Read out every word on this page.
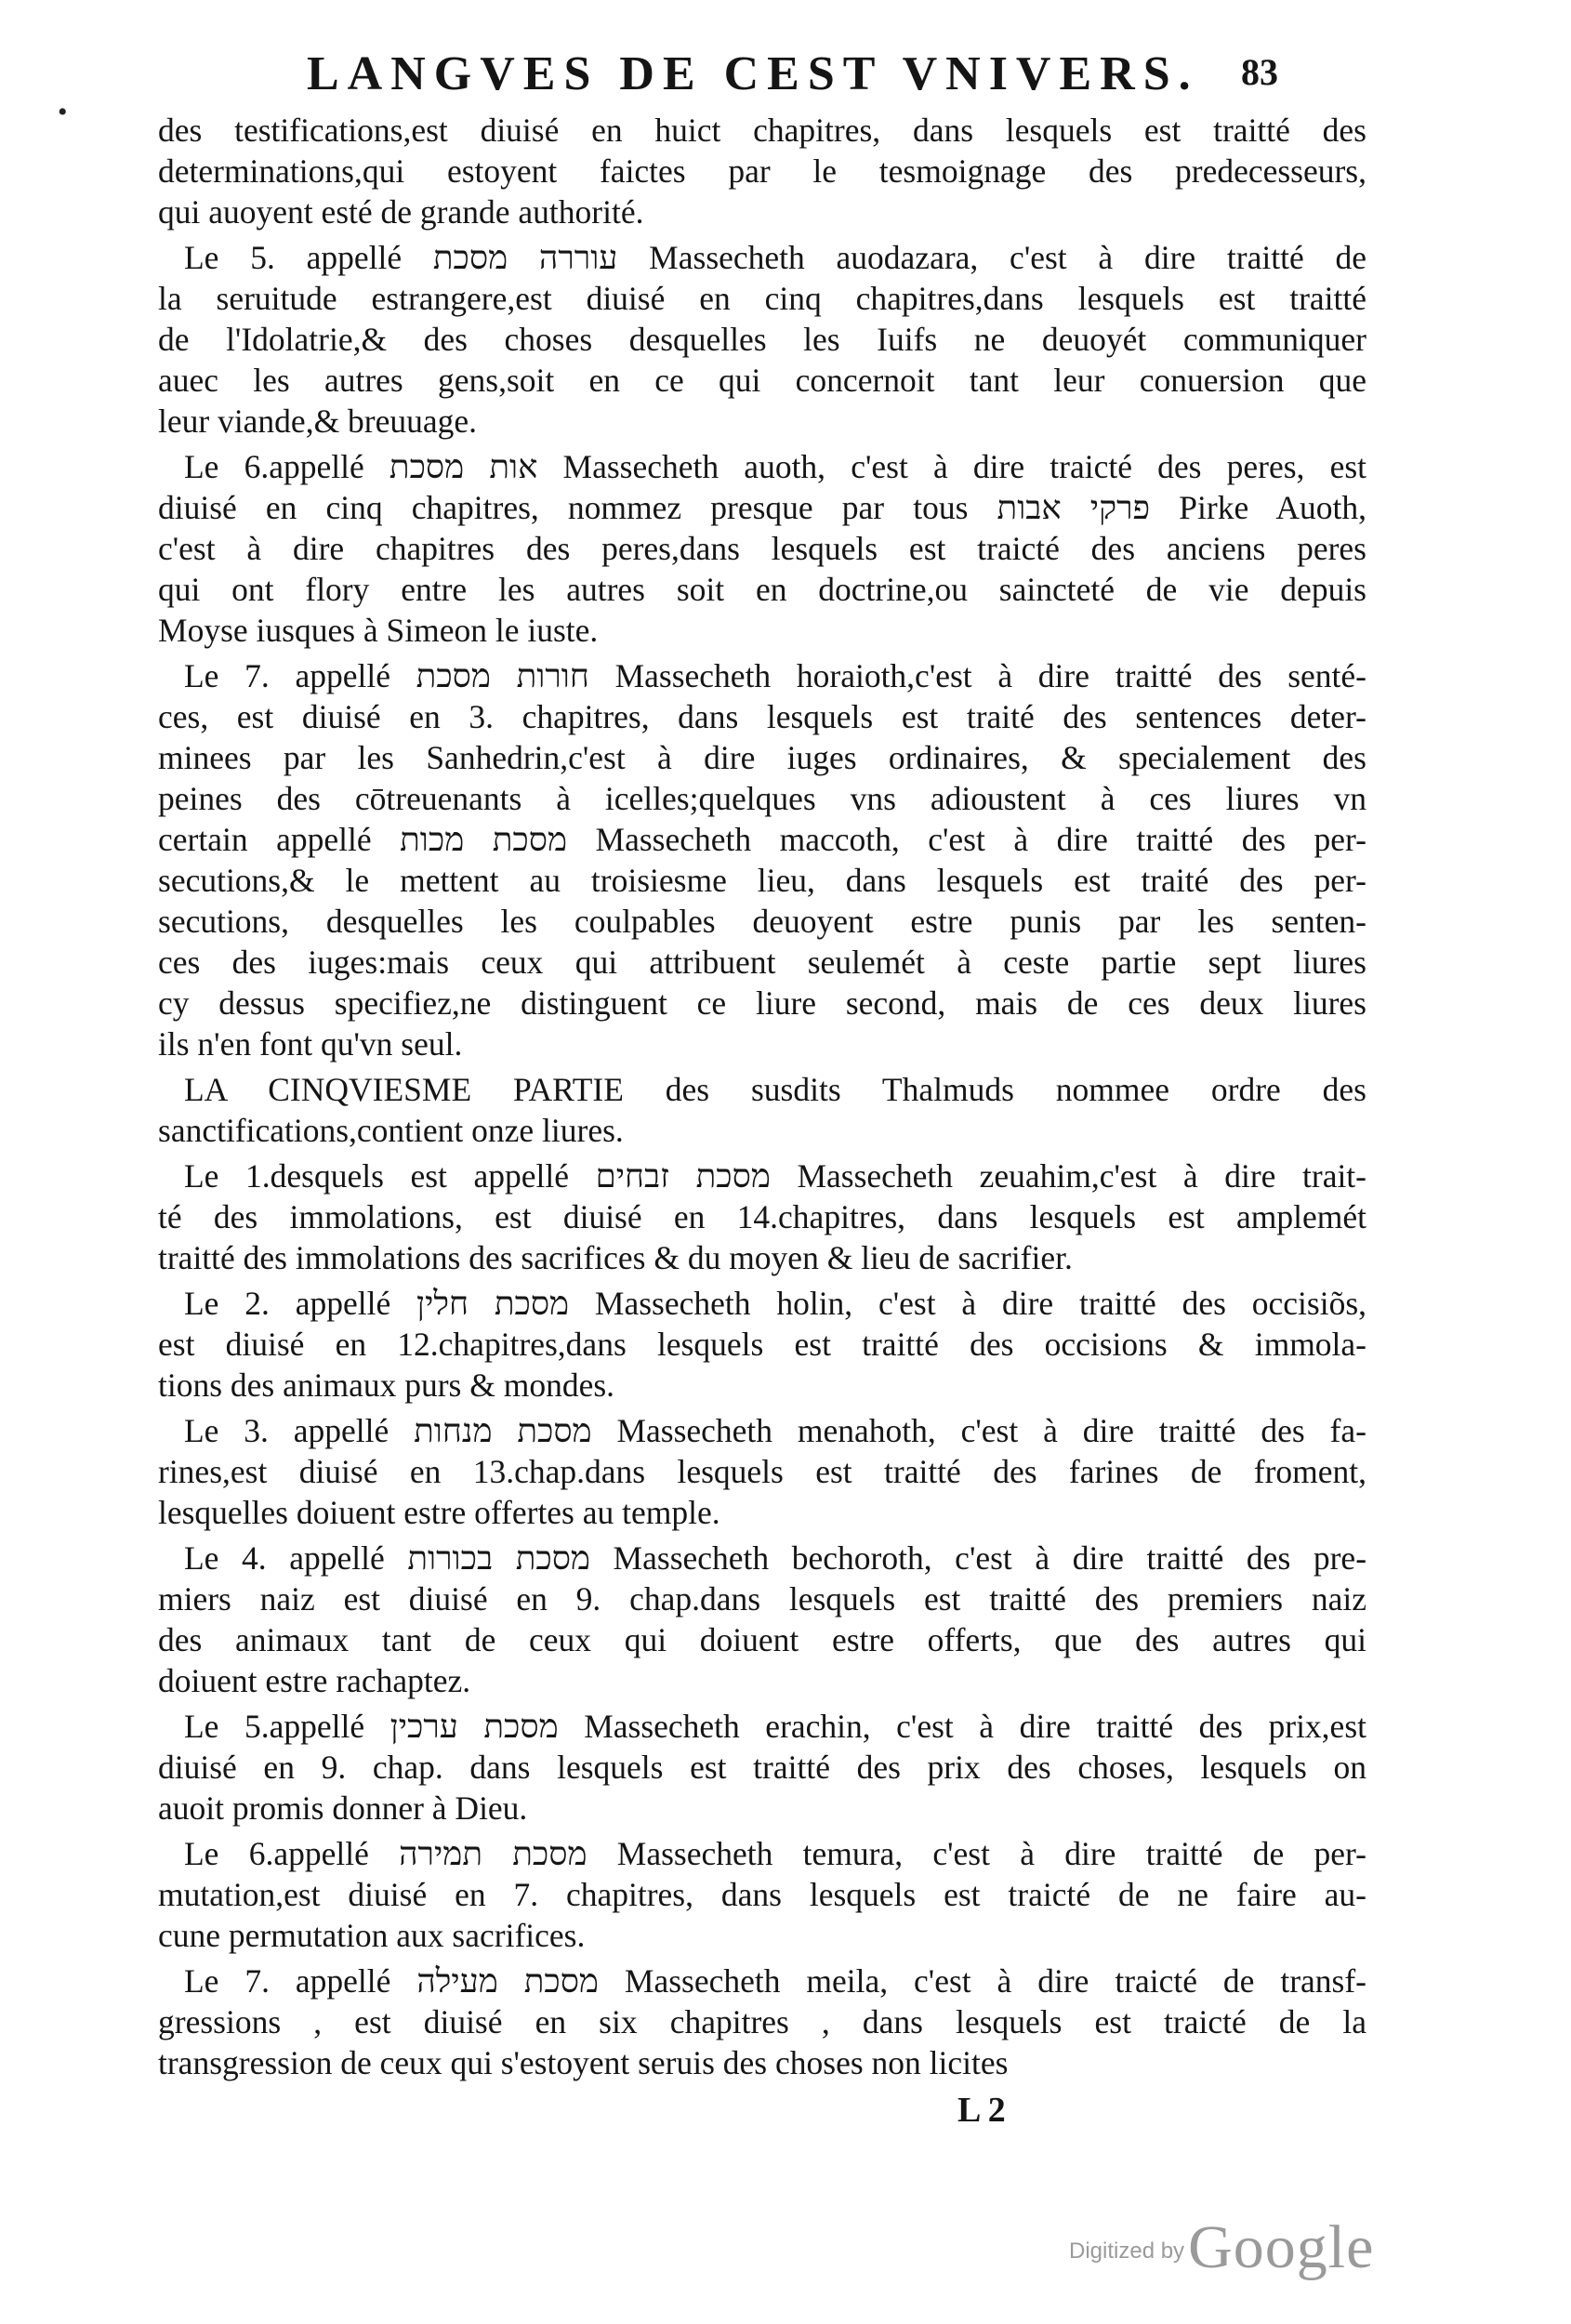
LANGVES DE CEST VNIVERS. 83
des testifications,est diuisé en huict chapitres, dans lesquels est traitté des
determinations,qui estoyent faictes par le tesmoignage des predecesseurs,
qui auoyent esté de grande authorité.
Le 5. appellé עוררה מסכת Massecheth auodazara, c'est à dire traitté de
la seruitude estrangere,est diuisé en cinq chapitres,dans lesquels est traitté
de l'Idolatrie,& des choses desquelles les Iuifs ne deuoyét communiquer
auec les autres gens,soit en ce qui concernoit tant leur conuersion que
leur viande,& breuuage.
Le 6.appellé אות מסכת Massecheth auoth, c'est à dire traicté des peres, est
diuisé en cinq chapitres, nommez presque par tous פרקי אבות Pirke Auoth,
c'est à dire chapitres des peres,dans lesquels est traicté des anciens peres
qui ont flory entre les autres soit en doctrine,ou saincteté de vie depuis
Moyse iusques à Simeon le iuste.
Le 7. appellé חורות מסכת Massecheth horaioth,c'est à dire traitté des senté-
ces, est diuisé en 3. chapitres, dans lesquels est traité des sentences deter-
minees par les Sanhedrin,c'est à dire iuges ordinaires, & specialement des
peines des cōtreuenants à icelles;quelques vns adioustent à ces liures vn
certain appellé מסכת מכות Massecheth maccoth, c'est à dire traitté des per-
secutions,& le mettent au troisiesme lieu, dans lesquels est traité des per-
secutions, desquelles les coulpables deuoyent estre punis par les senten-
ces des iuges:mais ceux qui attribuent seulemét à ceste partie sept liures
cy dessus specifiez,ne distinguent ce liure second, mais de ces deux liures
ils n'en font qu'vn seul.
LA CINQVIESME PARTIE des susdits Thalmuds nommee ordre des
sanctifications,contient onze liures.
Le 1.desquels est appellé מסכת זבחים Massecheth zeuahim,c'est à dire trait-
té des immolations, est diuisé en 14.chapitres, dans lesquels est amplemét
traitté des immolations des sacrifices & du moyen & lieu de sacrifier.
Le 2. appellé מסכת חלין Massecheth holin, c'est à dire traitté des occisiõs,
est diuisé en 12.chapitres,dans lesquels est traitté des occisions & immola-
tions des animaux purs & mondes.
Le 3. appellé מסכת מנחות Massecheth menahoth, c'est à dire traitté des fa-
rines,est diuisé en 13.chap.dans lesquels est traitté des farines de froment,
lesquelles doiuent estre offertes au temple.
Le 4. appellé מסכת בכורות Massecheth bechoroth, c'est à dire traitté des pre-
miers naiz est diuisé en 9. chap.dans lesquels est traitté des premiers naiz
des animaux tant de ceux qui doiuent estre offerts, que des autres qui
doiuent estre rachaptez.
Le 5.appellé מסכת ערכין Massecheth erachin, c'est à dire traitté des prix,est
diuisé en 9. chap. dans lesquels est traitté des prix des choses, lesquels on
auoit promis donner à Dieu.
Le 6.appellé מסכת תמירה Massecheth temura, c'est à dire traitté de per-
mutation,est diuisé en 7. chapitres, dans lesquels est traicté de ne faire au-
cune permutation aux sacrifices.
Le 7. appellé מסכת מעילה Massecheth meila, c'est à dire traicté de transf-
gressions , est diuisé en six chapitres , dans lesquels est traicté de la
transgression de ceux qui s'estoyent seruis des choses non licites
•
L 2
Digitized by Google
